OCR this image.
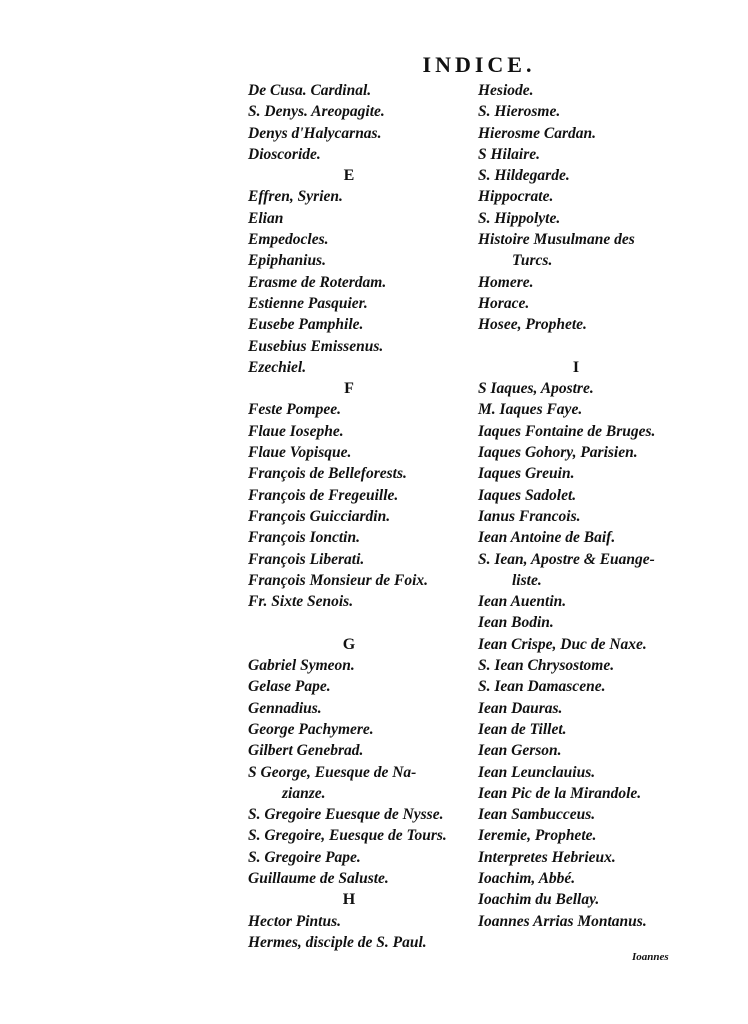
INDICE.
De Cusa. Cardinal.
S. Denys. Areopagite.
Denys d'Halycarnas.
Dioscoride.
E
Effren, Syrien.
Elian
Empedocles.
Epiphanius.
Erasme de Roterdam.
Estienne Pasquier.
Eusebe Pamphile.
Eusebius Emissenus.
Ezechiel.
F
Feste Pompee.
Flaue Iosephe.
Flaue Vopisque.
François de Belleforests.
François de Fregeuille.
François Guicciardin.
François Ionctin.
François Liberati.
François Monsieur de Foix.
Fr. Sixte Senois.
G
Gabriel Symeon.
Gelase Pape.
Gennadius.
George Pachymere.
Gilbert Genebrad.
S George, Euesque de Na-
zianze.
S. Gregoire Euesque de Nysse.
S. Gregoire, Euesque de Tours.
S. Gregoire Pape.
Guillaume de Saluste.
H
Hector Pintus.
Hermes, disciple de S. Paul.
Hesiode.
S. Hierosme.
Hierosme Cardan.
S Hilaire.
S. Hildegarde.
Hippocrate.
S. Hippolyte.
Histoire Musulmane des
Turcs.
Homere.
Horace.
Hosee, Prophete.
I
S Iaques, Apostre.
M. Iaques Faye.
Iaques Fontaine de Bruges.
Iaques Gohory, Parisien.
Iaques Greuin.
Iaques Sadolet.
Ianus Franсois.
Iean Antoine de Baif.
S. Iean, Apostre & Euange-
liste.
Iean Auentin.
Iean Bodin.
Iean Crispe, Duc de Naxe.
S. Iean Chrysostome.
S. Iean Damascene.
Iean Dauras.
Iean de Tillet.
Iean Gerson.
Iean Leunclauius.
Iean Pic de la Mirandole.
Iean Sambucceus.
Ieremie, Prophete.
Interpretes Hebrieux.
Ioachim, Abbé.
Ioachim du Bellay.
Ioannes Arrias Montanus.
Ioannes
